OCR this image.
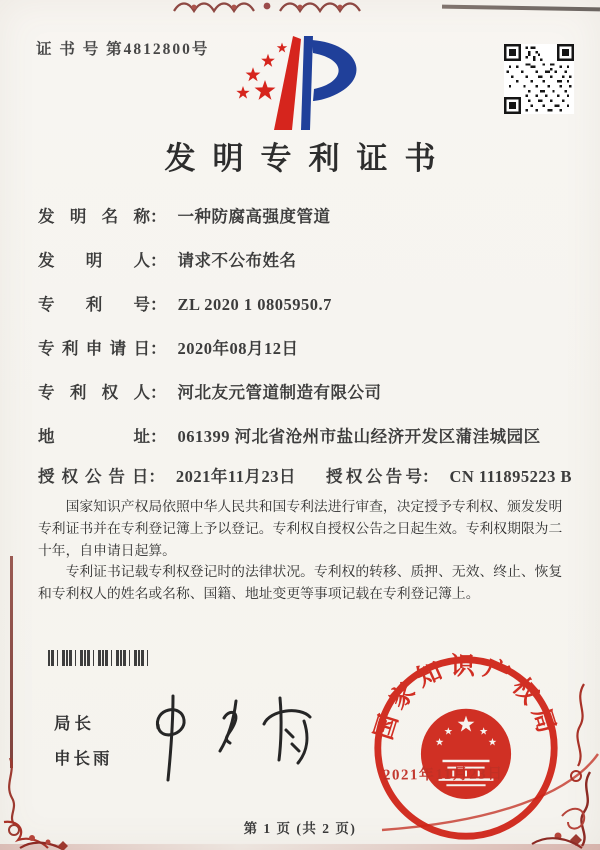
证 书 号 第4812800号
发明专利证书
发明名称 ： 一种防腐高强度管道
发明人 ： 请求不公布姓名
专利号 ： ZL 2020 1 0805950.7
专利申请日 ： 2020年08月12日
专利权人 ： 河北友元管道制造有限公司
地址 ： 061399 河北省沧州市盐山经济开发区蒲洼城园区
授权公告日 ： 2021年11月23日 授权公告号 ： CN 111895223 B

国家知识产权局依照中华人民共和国专利法进行审查，决定授予专利权、颁发发明专利证书并在专利登记簿上予以登记。专利权自授权公告之日起生效。专利权期限为二十年，自申请日起算。

专利证书记载专利权登记时的法律状况。专利权的转移、质押、无效、终止、恢复和专利权人的姓名或名称、国籍、地址变更等事项记载在专利登记簿上。

局长
申长雨
国家知识产权局
2021年11月23日
第 1 页 (共 2 页)
